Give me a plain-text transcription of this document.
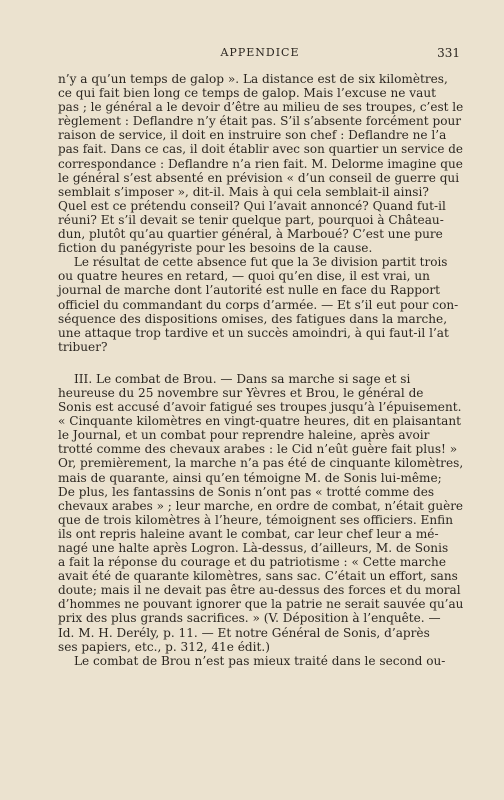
APPENDICE	331

n’y a qu’un temps de galop ». La distance est de six kilomètres,
ce qui fait bien long ce temps de galop. Mais l’excuse ne vaut
pas ; le général a le devoir d’être au milieu de ses troupes, c’est le
règlement : Deflandre n’y était pas. S’il s’absente forcément pour
raison de service, il doit en instruire son chef : Deflandre ne l’a
pas fait. Dans ce cas, il doit établir avec son quartier un service de
correspondance : Deflandre n’a rien fait. M. Delorme imagine que
le général s’est absenté en prévision « d’un conseil de guerre qui
semblait s’imposer », dit-il. Mais à qui cela semblait-il ainsi?
Quel est ce prétendu conseil? Qui l’avait annoncé? Quand fut-il
réuni? Et s’il devait se tenir quelque part, pourquoi à Château-
dun, plutôt qu’au quartier général, à Marboué? C’est une pure
fiction du panégyriste pour les besoins de la cause.

Le résultat de cette absence fut que la 3e division partit trois
ou quatre heures en retard, — quoi qu’en dise, il est vrai, un
journal de marche dont l’autorité est nulle en face du Rapport
officiel du commandant du corps d’armée. — Et s’il eut pour con-
séquence des dispositions omises, des fatigues dans la marche,
une attaque trop tardive et un succès amoindri, à qui faut-il l’at
tribuer?

III. Le combat de Brou. — Dans sa marche si sage et si
heureuse du 25 novembre sur Yèvres et Brou, le général de
Sonis est accusé d’avoir fatigué ses troupes jusqu’à l’épuisement.
« Cinquante kilomètres en vingt-quatre heures, dit en plaisantant
le Journal, et un combat pour reprendre haleine, après avoir
trotté comme des chevaux arabes : le Cid n’eût guère fait plus! »
Or, premièrement, la marche n’a pas été de cinquante kilomètres,
mais de quarante, ainsi qu’en témoigne M. de Sonis lui-même;
De plus, les fantassins de Sonis n’ont pas « trotté comme des
chevaux arabes » ; leur marche, en ordre de combat, n’était guère
que de trois kilomètres à l’heure, témoignent ses officiers. Enfin
ils ont repris haleine avant le combat, car leur chef leur a mé-
nagé une halte après Logron. Là-dessus, d’ailleurs, M. de Sonis
a fait la réponse du courage et du patriotisme : « Cette marche
avait été de quarante kilomètres, sans sac. C’était un effort, sans
doute; mais il ne devait pas être au-dessus des forces et du moral
d’hommes ne pouvant ignorer que la patrie ne serait sauvée qu’au
prix des plus grands sacrifices. » (V. Déposition à l’enquête. —
Id. M. H. Derély, p. 11. — Et notre Général de Sonis, d’après
ses papiers, etc., p. 312, 41e édit.)

Le combat de Brou n’est pas mieux traité dans le second ou-
